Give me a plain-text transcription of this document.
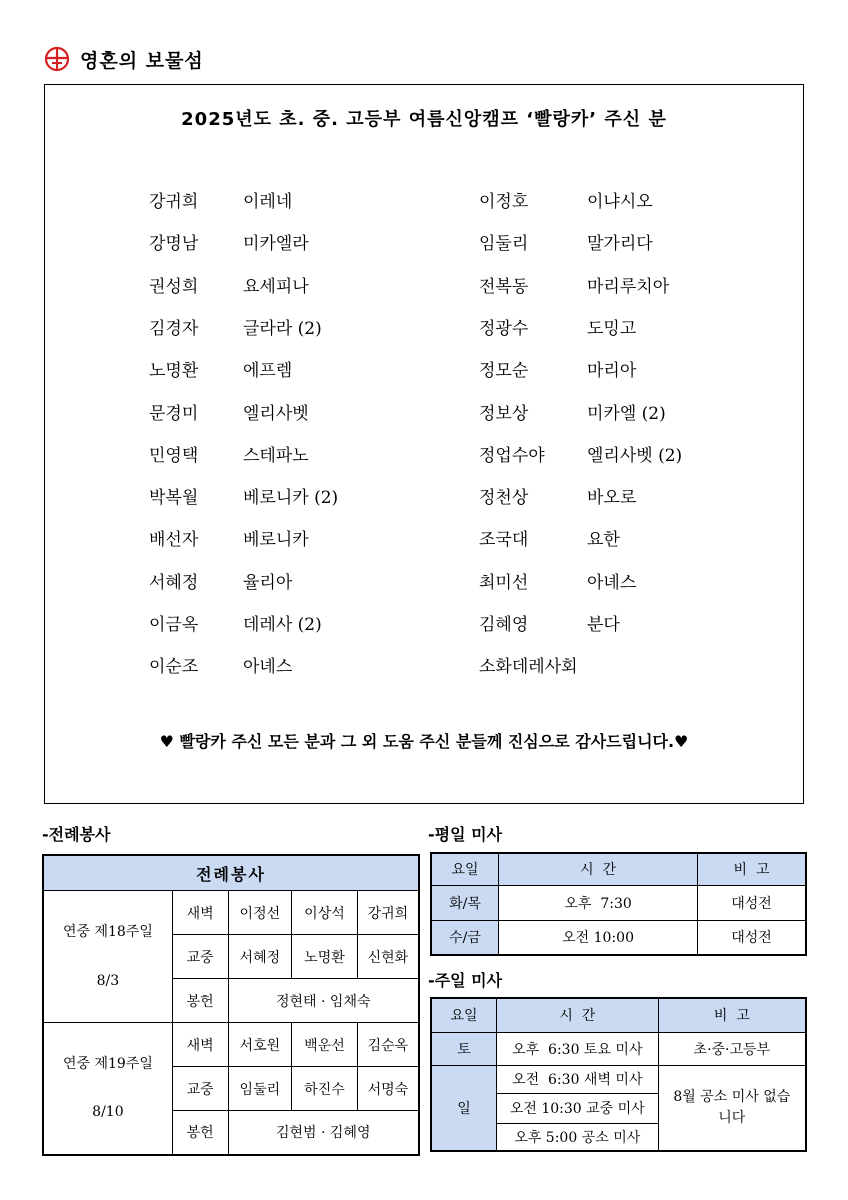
영혼의 보물섬
2025년도 초. 중. 고등부 여름신앙캠프 ‘빨랑카’ 주신 분
강귀희	이레네	이정호	이냐시오
강명남	미카엘라	임둘리	말가리다
권성희	요세피나	전복동	마리루치아
김경자	글라라 (2)	정광수	도밍고
노명환	에프렘	정모순	마리아
문경미	엘리사벳	정보상	미카엘 (2)
민영택	스테파노	정업수야 엘리사벳 (2)
박복월	베로니카 (2)	정천상	바오로
배선자	베로니카	조국대	요한
서혜정	율리아	최미선	아녜스
이금옥	데레사 (2)	김혜영	분다
이순조	아녜스	소화데레사회
♥ 빨랑카 주신 모든 분과 그 외 도움 주신 분들께 진심으로 감사드립니다.♥
-전례봉사
전례봉사				

연중 제18주일
8/3	새벽	이정선	이상석	강귀희
	교중	서혜정	노명환	신현화
	봉헌	정현태 · 임채숙		

연중 제19주일
8/10	새벽	서호원	백운선	김순옥
	교중	임둘리	하진수	서명숙
	봉헌	김현범 · 김혜영		
-평일 미사
요일	시  간	비  고
화/목	오후  7:30	대성전
수/금	오전 10:00	대성전
-주일 미사
요일	시  간	비  고
토	오후  6:30 토요 미사	초·중·고등부
일	오전  6:30 새벽 미사	8월 공소 미사 없습니다
	오전 10:30 교중 미사	
	오후 5:00 공소 미사	
